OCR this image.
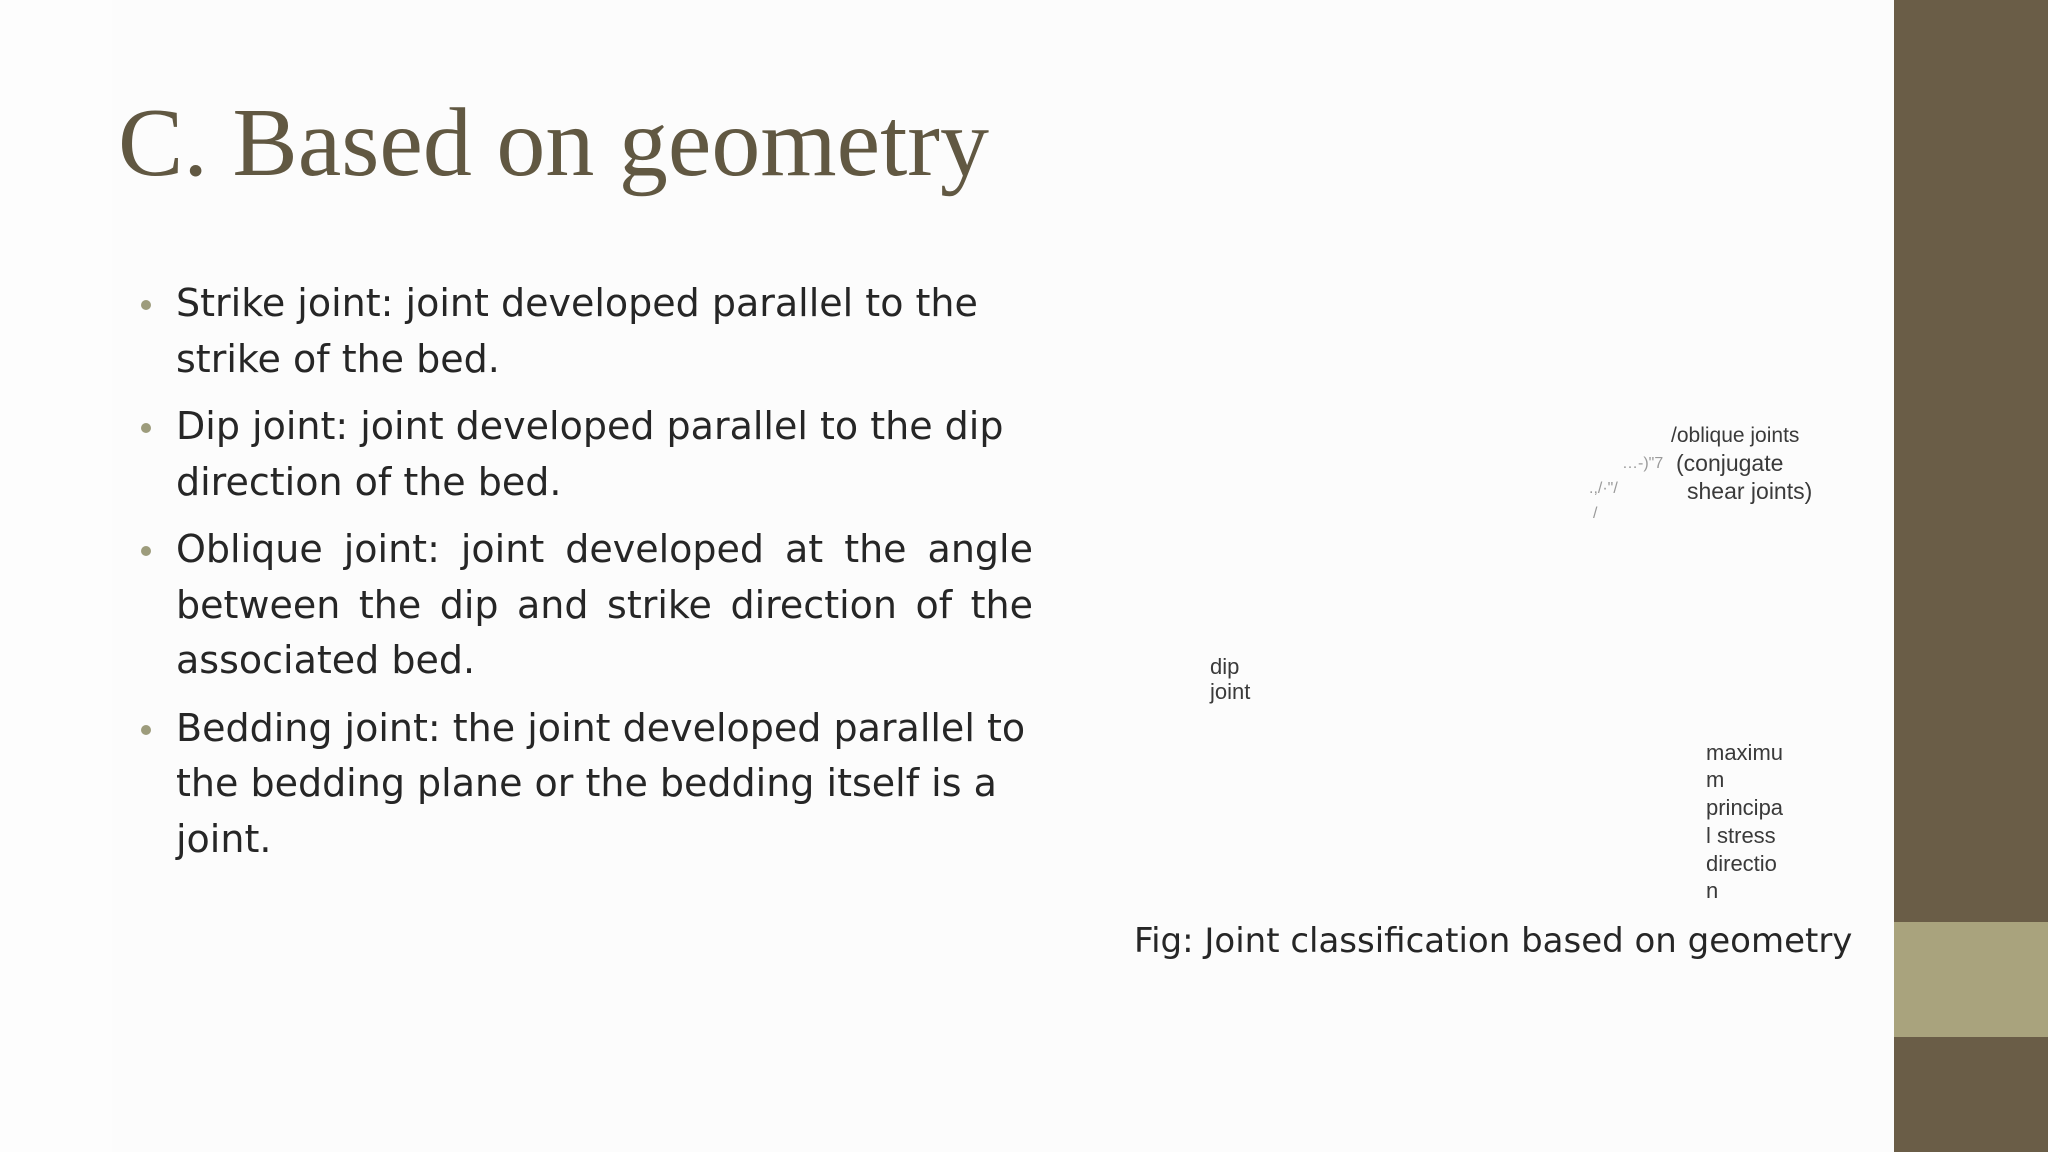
C. Based on geometry
Strike joint: joint developed parallel to the strike of the bed.
Dip joint: joint developed parallel to the dip direction of the bed.
Oblique joint: joint developed at the angle between the dip and strike direction of the associated bed.
Bedding joint: the joint developed parallel to the bedding plane or the bedding itself is a joint.
/oblique joints
(conjugate
shear joints)
…-)"7
.,/·"/
/
dip
joint
maximu
m
principa
l stress
directio
n
Fig: Joint classification based on geometry
